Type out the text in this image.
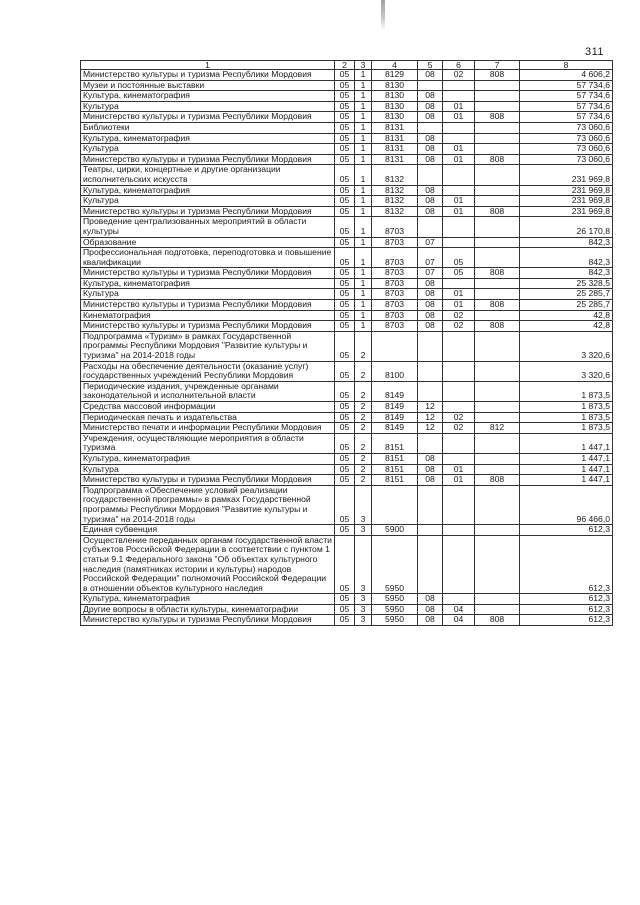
311
1	2	3	4	5	6	7	8
Министерство культуры и туризма Республики Мордовия	05	1	8129	08	02	808	4 606,2
Музеи и постоянные выставки	05	1	8130				57 734,6
Культура, кинематография	05	1	8130	08			57 734,6
Культура	05	1	8130	08	01		57 734,6
Министерство культуры и туризма Республики Мордовия	05	1	8130	08	01	808	57 734,6
Библиотеки	05	1	8131				73 060,6
Культура, кинематография	05	1	8131	08			73 060,6
Культура	05	1	8131	08	01		73 060,6
Министерство культуры и туризма Республики Мордовия	05	1	8131	08	01	808	73 060,6
Театры, цирки, концертные и другие организации исполнительских искусств	05	1	8132				231 969,8
Культура, кинематография	05	1	8132	08			231 969,8
Культура	05	1	8132	08	01		231 969,8
Министерство культуры и туризма Республики Мордовия	05	1	8132	08	01	808	231 969,8
Проведение централизованных мероприятий в области культуры	05	1	8703				26 170,8
Образование	05	1	8703	07			842,3
Профессиональная подготовка, переподготовка и повышение квалификации	05	1	8703	07	05		842,3
Министерство культуры и туризма Республики Мордовия	05	1	8703	07	05	808	842,3
Культура, кинематография	05	1	8703	08			25 328,5
Культура	05	1	8703	08	01		25 285,7
Министерство культуры и туризма Республики Мордовия	05	1	8703	08	01	808	25 285,7
Кинематография	05	1	8703	08	02		42,8
Министерство культуры и туризма Республики Мордовия	05	1	8703	08	02	808	42,8
Подпрограмма «Туризм» в рамках Государственной программы Республики Мордовия "Развитие культуры и туризма" на 2014-2018 годы	05	2					3 320,6
Расходы на обеспечение деятельности (оказание услуг) государственных учреждений Республики Мордовия	05	2	8100				3 320,6
Периодические издания, учрежденные органами законодательной и исполнительной власти	05	2	8149				1 873,5
Средства массовой информации	05	2	8149	12			1 873,5
Периодическая печать и издательства	05	2	8149	12	02		1 873,5
Министерство печати и информации Республики Мордовия	05	2	8149	12	02	812	1 873,5
Учреждения, осуществляющие мероприятия в области туризма	05	2	8151				1 447,1
Культура, кинематография	05	2	8151	08			1 447,1
Культура	05	2	8151	08	01		1 447,1
Министерство культуры и туризма Республики Мордовия	05	2	8151	08	01	808	1 447,1
Подпрограмма «Обеспечение условий реализации государственной программы» в рамках Государственной программы Республики Мордовия "Развитие культуры и туризма" на 2014-2018 годы	05	3					96 466,0
Единая субвенция	05	3	5900				612,3
Осуществление переданных органам государственной власти субъектов Российской Федерации в соответствии с пунктом 1 статьи 9.1 Федерального закона "Об объектах культурного наследия (памятниках истории и культуры) народов Российской Федерации" полномочий Российской Федерации в отношении объектов культурного наследия	05	3	5950				612,3
Культура, кинематография	05	3	5950	08			612,3
Другие вопросы в области культуры, кинематографии	05	3	5950	08	04		612,3
Министерство культуры и туризма Республики Мордовия	05	3	5950	08	04	808	612,3
